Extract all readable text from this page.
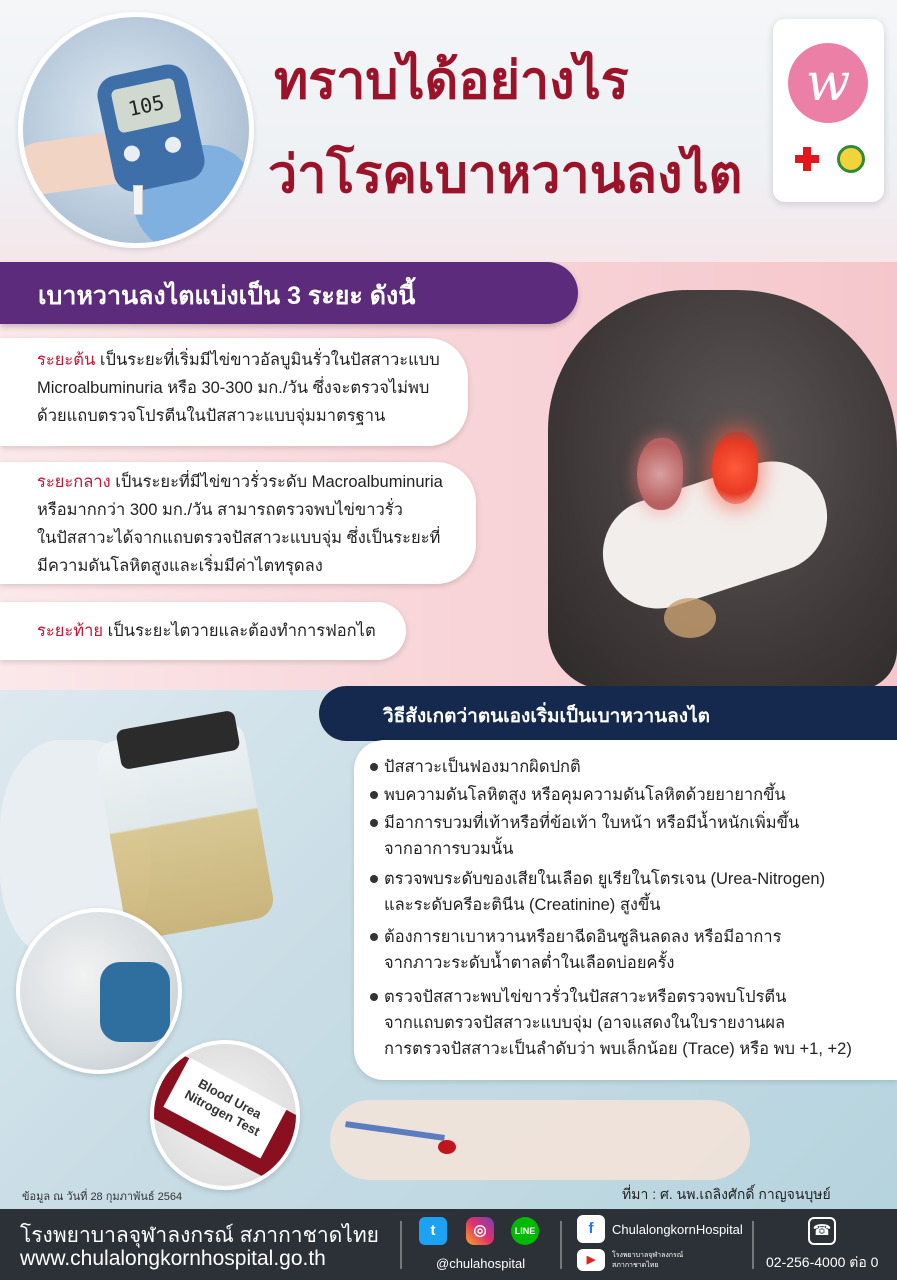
105	ทราบได้อย่างไร
ว่าโรคเบาหวานลงไต
w
เบาหวานลงไตแบ่งเป็น 3 ระยะ ดังนี้
ระยะต้น เป็นระยะที่เริ่มมีไข่ขาวอัลบูมินรั่วในปัสสาวะแบบ
Microalbuminuria หรือ 30-300 มก./วัน ซึ่งจะตรวจไม่พบ
ด้วยแถบตรวจโปรตีนในปัสสาวะแบบจุ่มมาตรฐาน
ระยะกลาง เป็นระยะที่มีไข่ขาวรั่วระดับ Macroalbuminuria
หรือมากกว่า 300 มก./วัน สามารถตรวจพบไข่ขาวรั่ว
ในปัสสาวะได้จากแถบตรวจปัสสาวะแบบจุ่ม ซึ่งเป็นระยะที่
มีความดันโลหิตสูงและเริ่มมีค่าไตทรุดลง
ระยะท้าย เป็นระยะไตวายและต้องทำการฟอกไต
Blood Urea Nitrogen Test
วิธีสังเกตว่าตนเองเริ่มเป็นเบาหวานลงไต
ปัสสาวะเป็นฟองมากผิดปกติ
พบความดันโลหิตสูง หรือคุมความดันโลหิตด้วยยายากขึ้น
มีอาการบวมที่เท้าหรือที่ข้อเท้า ใบหน้า หรือมีน้ำหนักเพิ่มขึ้น
จากอาการบวมนั้น
ตรวจพบระดับของเสียในเลือด ยูเรียในโตรเจน (Urea-Nitrogen)
และระดับครีอะตินีน (Creatinine) สูงขึ้น
ต้องการยาเบาหวานหรือยาฉีดอินซูลินลดลง หรือมีอาการ
จากภาวะระดับน้ำตาลต่ำในเลือดบ่อยครั้ง
ตรวจปัสสาวะพบไข่ขาวรั่วในปัสสาวะหรือตรวจพบโปรตีน
จากแถบตรวจปัสสาวะแบบจุ่ม (อาจแสดงในใบรายงานผล
การตรวจปัสสาวะเป็นลำดับว่า พบเล็กน้อย (Trace) หรือ พบ +1, +2)
ข้อมูล ณ วันที่ 28 กุมภาพันธ์ 2564	ที่มา : ศ. นพ.เถลิงศักดิ์ กาญจนบุษย์
โรงพยาบาลจุฬาลงกรณ์ สภากาชาดไทย
www.chulalongkornhospital.go.th
t	◎	LINE
@chulahospital
f	ChulalongkornHospital
▶	โรงพยาบาลจุฬาลงกรณ์ สภากาชาดไทย
☎
02-256-4000 ต่อ 0
